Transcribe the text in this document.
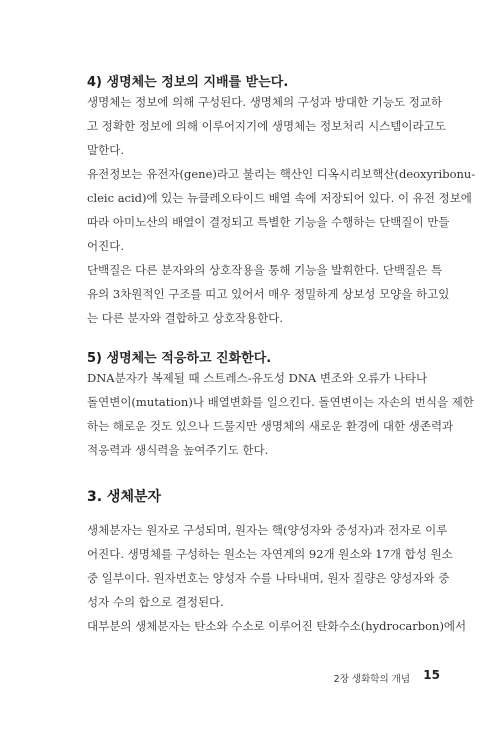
4) 생명체는 정보의 지배를 받는다.
생명체는 정보에 의해 구성된다. 생명체의 구성과 방대한 기능도 정교하
고 정확한 정보에 의해 이루어지기에 생명체는 정보처리 시스템이라고도
말한다.
유전정보는 유전자(gene)라고 불리는 핵산인 디옥시리보핵산(deoxyribonu-
cleic acid)에 있는 뉴클레오타이드 배열 속에 저장되어 있다. 이 유전 정보에
따라 아미노산의 배열이 결정되고 특별한 기능을 수행하는 단백질이 만들
어진다.
단백질은 다른 분자와의 상호작용을 통해 기능을 발휘한다. 단백질은 특
유의 3차원적인 구조를 띠고 있어서 매우 정밀하게 상보성 모양을 하고있
는 다른 분자와 결합하고 상호작용한다.
5) 생명체는 적응하고 진화한다.
DNA분자가 복제될 때 스트레스-유도성 DNA 변조와 오류가 나타나
돌연변이(mutation)나 배열변화를 일으킨다. 돌연변이는 자손의 번식을 제한
하는 해로운 것도 있으나 드물지만 생명체의 새로운 환경에 대한 생존력과
적응력과 생식력을 높여주기도 한다.
3. 생체분자
생체분자는 원자로 구성되며, 원자는 핵(양성자와 중성자)과 전자로 이루
어진다. 생명체를 구성하는 원소는 자연계의 92개 원소와 17개 합성 원소
중 일부이다. 원자번호는 양성자 수를 나타내며, 원자 질량은 양성자와 중
성자 수의 합으로 결정된다.
대부분의 생체분자는 탄소와 수소로 이루어진 탄화수소(hydrocarbon)에서
2장 생화학의 개념 15
